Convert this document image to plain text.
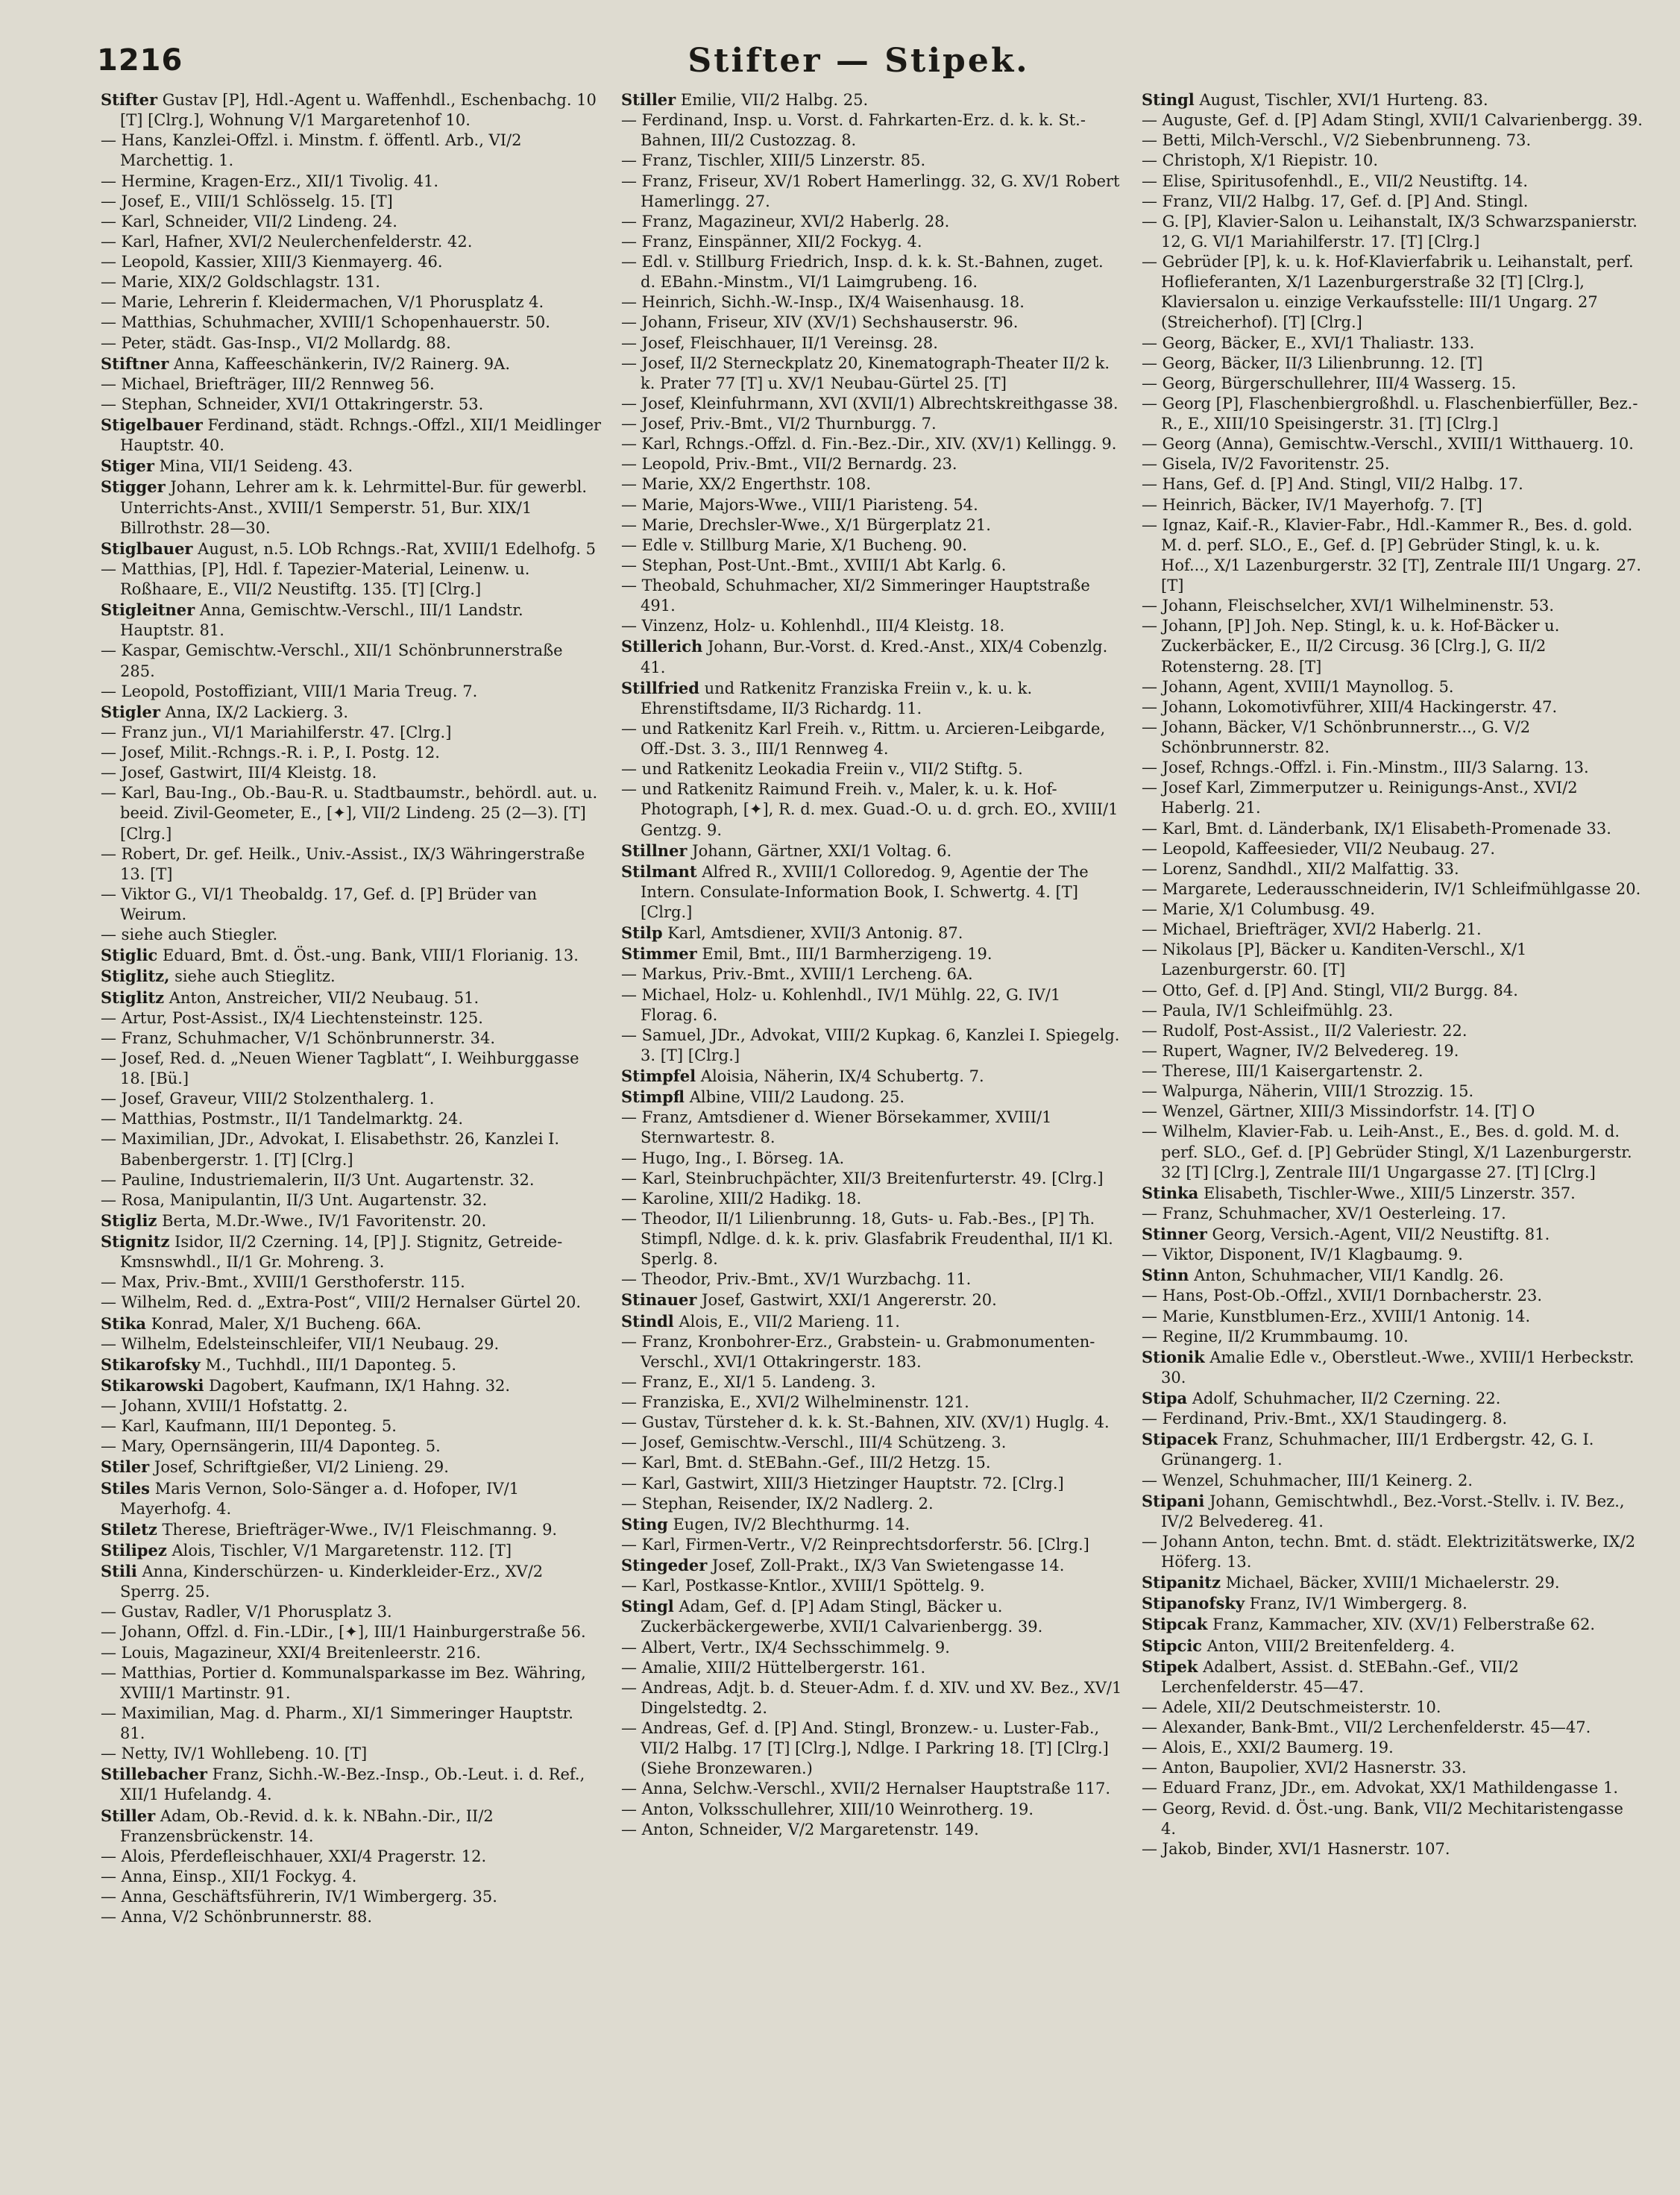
1216	Stifter — Stipek.
Stifter Gustav [P], Hdl.-Agent u. Waffenhdl., Eschenbachg. 10 [T] [Clrg.], Wohnung V/1 Margaretenhof 10.
— Hans, Kanzlei-Offzl. i. Minstm. f. öffentl. Arb., VI/2 Marchettig. 1.
— Hermine, Kragen-Erz., XII/1 Tivolig. 41.
— Josef, E., VIII/1 Schlösselg. 15. [T]
— Karl, Schneider, VII/2 Lindeng. 24.
— Karl, Hafner, XVI/2 Neulerchenfelderstr. 42.
— Leopold, Kassier, XIII/3 Kienmayerg. 46.
— Marie, XIX/2 Goldschlagstr. 131.
— Marie, Lehrerin f. Kleidermachen, V/1 Phorusplatz 4.
— Matthias, Schuhmacher, XVIII/1 Schopenhauerstr. 50.
— Peter, städt. Gas-Insp., VI/2 Mollardg. 88.
Stiftner Anna, Kaffeeschänkerin, IV/2 Rainerg. 9A.
— Michael, Briefträger, III/2 Rennweg 56.
— Stephan, Schneider, XVI/1 Ottakringerstr. 53.
Stigelbauer Ferdinand, städt. Rchngs.-Offzl., XII/1 Meidlinger Hauptstr. 40.
Stiger Mina, VII/1 Seideng. 43.
Stigger Johann, Lehrer am k. k. Lehrmittel-Bur. für gewerbl. Unterrichts-Anst., XVIII/1 Semperstr. 51, Bur. XIX/1 Billrothstr. 28—30.
Stiglbauer August, n.5. LOb Rchngs.-Rat, XVIII/1 Edelhofg. 5
— Matthias, [P], Hdl. f. Tapezier-Material, Leinenw. u. Roßhaare, E., VII/2 Neustiftg. 135. [T] [Clrg.]
Stigleitner Anna, Gemischtw.-Verschl., III/1 Landstr. Hauptstr. 81.
— Kaspar, Gemischtw.-Verschl., XII/1 Schönbrunnerstraße 285.
— Leopold, Postoffiziant, VIII/1 Maria Treug. 7.
Stigler Anna, IX/2 Lackierg. 3.
— Franz jun., VI/1 Mariahilferstr. 47. [Clrg.]
— Josef, Milit.-Rchngs.-R. i. P., I. Postg. 12.
— Josef, Gastwirt, III/4 Kleistg. 18.
— Karl, Bau-Ing., Ob.-Bau-R. u. Stadtbaumstr., behördl. aut. u. beeid. Zivil-Geometer, E., [✦], VII/2 Lindeng. 25 (2—3). [T] [Clrg.]
— Robert, Dr. gef. Heilk., Univ.-Assist., IX/3 Währingerstraße 13. [T]
— Viktor G., VI/1 Theobaldg. 17, Gef. d. [P] Brüder van Weirum.
— siehe auch Stiegler.
Stiglic Eduard, Bmt. d. Öst.-ung. Bank, VIII/1 Florianig. 13.
Stiglitz, siehe auch Stieglitz.
Stiglitz Anton, Anstreicher, VII/2 Neubaug. 51.
— Artur, Post-Assist., IX/4 Liechtensteinstr. 125.
— Franz, Schuhmacher, V/1 Schönbrunnerstr. 34.
— Josef, Red. d. „Neuen Wiener Tagblatt“, I. Weihburggasse 18. [Bü.]
— Josef, Graveur, VIII/2 Stolzenthalerg. 1.
— Matthias, Postmstr., II/1 Tandelmarktg. 24.
— Maximilian, JDr., Advokat, I. Elisabethstr. 26, Kanzlei I. Babenbergerstr. 1. [T] [Clrg.]
— Pauline, Industriemalerin, II/3 Unt. Augartenstr. 32.
— Rosa, Manipulantin, II/3 Unt. Augartenstr. 32.
Stigliz Berta, M.Dr.-Wwe., IV/1 Favoritenstr. 20.
Stignitz Isidor, II/2 Czerning. 14, [P] J. Stignitz, Getreide-Kmsnswhdl., II/1 Gr. Mohreng. 3.
— Max, Priv.-Bmt., XVIII/1 Gersthoferstr. 115.
— Wilhelm, Red. d. „Extra-Post“, VIII/2 Hernalser Gürtel 20.
Stika Konrad, Maler, X/1 Bucheng. 66A.
— Wilhelm, Edelsteinschleifer, VII/1 Neubaug. 29.
Stikarofsky M., Tuchhdl., III/1 Daponteg. 5.
Stikarowski Dagobert, Kaufmann, IX/1 Hahng. 32.
— Johann, XVIII/1 Hofstattg. 2.
— Karl, Kaufmann, III/1 Deponteg. 5.
— Mary, Opernsängerin, III/4 Daponteg. 5.
Stiler Josef, Schriftgießer, VI/2 Linieng. 29.
Stiles Maris Vernon, Solo-Sänger a. d. Hofoper, IV/1 Mayerhofg. 4.
Stiletz Therese, Briefträger-Wwe., IV/1 Fleischmanng. 9.
Stilipez Alois, Tischler, V/1 Margaretenstr. 112. [T]
Stili Anna, Kinderschürzen- u. Kinderkleider-Erz., XV/2 Sperrg. 25.
— Gustav, Radler, V/1 Phorusplatz 3.
— Johann, Offzl. d. Fin.-LDir., [✦], III/1 Hainburgerstraße 56.
— Louis, Magazineur, XXI/4 Breitenleerstr. 216.
— Matthias, Portier d. Kommunalsparkasse im Bez. Währing, XVIII/1 Martinstr. 91.
— Maximilian, Mag. d. Pharm., XI/1 Simmeringer Hauptstr. 81.
— Netty, IV/1 Wohllebeng. 10. [T]
Stillebacher Franz, Sichh.-W.-Bez.-Insp., Ob.-Leut. i. d. Ref., XII/1 Hufelandg. 4.
Stiller Adam, Ob.-Revid. d. k. k. NBahn.-Dir., II/2 Franzensbrückenstr. 14.
— Alois, Pferdefleischhauer, XXI/4 Pragerstr. 12.
— Anna, Einsp., XII/1 Fockyg. 4.
— Anna, Geschäftsführerin, IV/1 Wimbergerg. 35.
— Anna, V/2 Schönbrunnerstr. 88.
Stiller Emilie, VII/2 Halbg. 25.
— Ferdinand, Insp. u. Vorst. d. Fahrkarten-Erz. d. k. k. St.-Bahnen, III/2 Custozzag. 8.
— Franz, Tischler, XIII/5 Linzerstr. 85.
— Franz, Friseur, XV/1 Robert Hamerlingg. 32, G. XV/1 Robert Hamerlingg. 27.
— Franz, Magazineur, XVI/2 Haberlg. 28.
— Franz, Einspänner, XII/2 Fockyg. 4.
— Edl. v. Stillburg Friedrich, Insp. d. k. k. St.-Bahnen, zuget. d. EBahn.-Minstm., VI/1 Laimgrubeng. 16.
— Heinrich, Sichh.-W.-Insp., IX/4 Waisenhausg. 18.
— Johann, Friseur, XIV (XV/1) Sechshauserstr. 96.
— Josef, Fleischhauer, II/1 Vereinsg. 28.
— Josef, II/2 Sterneckplatz 20, Kinematograph-Theater II/2 k. k. Prater 77 [T] u. XV/1 Neubau-Gürtel 25. [T]
— Josef, Kleinfuhrmann, XVI (XVII/1) Albrechtskreithgasse 38.
— Josef, Priv.-Bmt., VI/2 Thurnburgg. 7.
— Karl, Rchngs.-Offzl. d. Fin.-Bez.-Dir., XIV. (XV/1) Kellingg. 9.
— Leopold, Priv.-Bmt., VII/2 Bernardg. 23.
— Marie, XX/2 Engerthstr. 108.
— Marie, Majors-Wwe., VIII/1 Piaristeng. 54.
— Marie, Drechsler-Wwe., X/1 Bürgerplatz 21.
— Edle v. Stillburg Marie, X/1 Bucheng. 90.
— Stephan, Post-Unt.-Bmt., XVIII/1 Abt Karlg. 6.
— Theobald, Schuhmacher, XI/2 Simmeringer Hauptstraße 491.
— Vinzenz, Holz- u. Kohlenhdl., III/4 Kleistg. 18.
Stillerich Johann, Bur.-Vorst. d. Kred.-Anst., XIX/4 Cobenzlg. 41.
Stillfried und Ratkenitz Franziska Freiin v., k. u. k. Ehrenstiftsdame, II/3 Richardg. 11.
— und Ratkenitz Karl Freih. v., Rittm. u. Arcieren-Leibgarde, Off.-Dst. 3. 3., III/1 Rennweg 4.
— und Ratkenitz Leokadia Freiin v., VII/2 Stiftg. 5.
— und Ratkenitz Raimund Freih. v., Maler, k. u. k. Hof-Photograph, [✦], R. d. mex. Guad.-O. u. d. grch. EO., XVIII/1 Gentzg. 9.
Stillner Johann, Gärtner, XXI/1 Voltag. 6.
Stilmant Alfred R., XVIII/1 Colloredog. 9, Agentie der The Intern. Consulate-Information Book, I. Schwertg. 4. [T] [Clrg.]
Stilp Karl, Amtsdiener, XVII/3 Antonig. 87.
Stimmer Emil, Bmt., III/1 Barmherzigeng. 19.
— Markus, Priv.-Bmt., XVIII/1 Lercheng. 6A.
— Michael, Holz- u. Kohlenhdl., IV/1 Mühlg. 22, G. IV/1 Florag. 6.
— Samuel, JDr., Advokat, VIII/2 Kupkag. 6, Kanzlei I. Spiegelg. 3. [T] [Clrg.]
Stimpfel Aloisia, Näherin, IX/4 Schubertg. 7.
Stimpfl Albine, VIII/2 Laudong. 25.
— Franz, Amtsdiener d. Wiener Börsekammer, XVIII/1 Sternwartestr. 8.
— Hugo, Ing., I. Börseg. 1A.
— Karl, Steinbruchpächter, XII/3 Breitenfurterstr. 49. [Clrg.]
— Karoline, XIII/2 Hadikg. 18.
— Theodor, II/1 Lilienbrunng. 18, Guts- u. Fab.-Bes., [P] Th. Stimpfl, Ndlge. d. k. k. priv. Glasfabrik Freudenthal, II/1 Kl. Sperlg. 8.
— Theodor, Priv.-Bmt., XV/1 Wurzbachg. 11.
Stinauer Josef, Gastwirt, XXI/1 Angererstr. 20.
Stindl Alois, E., VII/2 Marieng. 11.
— Franz, Kronbohrer-Erz., Grabstein- u. Grabmonumenten-Verschl., XVI/1 Ottakringerstr. 183.
— Franz, E., XI/1 5. Landeng. 3.
— Franziska, E., XVI/2 Wilhelminenstr. 121.
— Gustav, Türsteher d. k. k. St.-Bahnen, XIV. (XV/1) Huglg. 4.
— Josef, Gemischtw.-Verschl., III/4 Schützeng. 3.
— Karl, Bmt. d. StEBahn.-Gef., III/2 Hetzg. 15.
— Karl, Gastwirt, XIII/3 Hietzinger Hauptstr. 72. [Clrg.]
— Stephan, Reisender, IX/2 Nadlerg. 2.
Sting Eugen, IV/2 Blechthurmg. 14.
— Karl, Firmen-Vertr., V/2 Reinprechtsdorferstr. 56. [Clrg.]
Stingeder Josef, Zoll-Prakt., IX/3 Van Swietengasse 14.
— Karl, Postkasse-Kntlor., XVIII/1 Spöttelg. 9.
Stingl Adam, Gef. d. [P] Adam Stingl, Bäcker u. Zuckerbäckergewerbe, XVII/1 Calvarienbergg. 39.
— Albert, Vertr., IX/4 Sechsschimmelg. 9.
— Amalie, XIII/2 Hüttelbergerstr. 161.
— Andreas, Adjt. b. d. Steuer-Adm. f. d. XIV. und XV. Bez., XV/1 Dingelstedtg. 2.
— Andreas, Gef. d. [P] And. Stingl, Bronzew.- u. Luster-Fab., VII/2 Halbg. 17 [T] [Clrg.], Ndlge. I Parkring 18. [T] [Clrg.] (Siehe Bronzewaren.)
— Anna, Selchw.-Verschl., XVII/2 Hernalser Hauptstraße 117.
— Anton, Volksschullehrer, XIII/10 Weinrotherg. 19.
— Anton, Schneider, V/2 Margaretenstr. 149.
Stingl August, Tischler, XVI/1 Hurteng. 83.
— Auguste, Gef. d. [P] Adam Stingl, XVII/1 Calvarienbergg. 39.
— Betti, Milch-Verschl., V/2 Siebenbrunneng. 73.
— Christoph, X/1 Riepistr. 10.
— Elise, Spiritusofenhdl., E., VII/2 Neustiftg. 14.
— Franz, VII/2 Halbg. 17, Gef. d. [P] And. Stingl.
— G. [P], Klavier-Salon u. Leihanstalt, IX/3 Schwarzspanierstr. 12, G. VI/1 Mariahilferstr. 17. [T] [Clrg.]
— Gebrüder [P], k. u. k. Hof-Klavierfabrik u. Leihanstalt, perf. Hoflieferanten, X/1 Lazenburgerstraße 32 [T] [Clrg.], Klaviersalon u. einzige Verkaufsstelle: III/1 Ungarg. 27 (Streicherhof). [T] [Clrg.]
— Georg, Bäcker, E., XVI/1 Thaliastr. 133.
— Georg, Bäcker, II/3 Lilienbrunng. 12. [T]
— Georg, Bürgerschullehrer, III/4 Wasserg. 15.
— Georg [P], Flaschenbiergroßhdl. u. Flaschenbierfüller, Bez.-R., E., XIII/10 Speisingerstr. 31. [T] [Clrg.]
— Georg (Anna), Gemischtw.-Verschl., XVIII/1 Witthauerg. 10.
— Gisela, IV/2 Favoritenstr. 25.
— Hans, Gef. d. [P] And. Stingl, VII/2 Halbg. 17.
— Heinrich, Bäcker, IV/1 Mayerhofg. 7. [T]
— Ignaz, Kaif.-R., Klavier-Fabr., Hdl.-Kammer R., Bes. d. gold. M. d. perf. SLO., E., Gef. d. [P] Gebrüder Stingl, k. u. k. Hof..., X/1 Lazenburgerstr. 32 [T], Zentrale III/1 Ungarg. 27. [T]
— Johann, Fleischselcher, XVI/1 Wilhelminenstr. 53.
— Johann, [P] Joh. Nep. Stingl, k. u. k. Hof-Bäcker u. Zuckerbäcker, E., II/2 Circusg. 36 [Clrg.], G. II/2 Rotensterng. 28. [T]
— Johann, Agent, XVIII/1 Maynollog. 5.
— Johann, Lokomotivführer, XIII/4 Hackingerstr. 47.
— Johann, Bäcker, V/1 Schönbrunnerstr..., G. V/2 Schönbrunnerstr. 82.
— Josef, Rchngs.-Offzl. i. Fin.-Minstm., III/3 Salarng. 13.
— Josef Karl, Zimmerputzer u. Reinigungs-Anst., XVI/2 Haberlg. 21.
— Karl, Bmt. d. Länderbank, IX/1 Elisabeth-Promenade 33.
— Leopold, Kaffeesieder, VII/2 Neubaug. 27.
— Lorenz, Sandhdl., XII/2 Malfattig. 33.
— Margarete, Lederausschneiderin, IV/1 Schleifmühlgasse 20.
— Marie, X/1 Columbusg. 49.
— Michael, Briefträger, XVI/2 Haberlg. 21.
— Nikolaus [P], Bäcker u. Kanditen-Verschl., X/1 Lazenburgerstr. 60. [T]
— Otto, Gef. d. [P] And. Stingl, VII/2 Burgg. 84.
— Paula, IV/1 Schleifmühlg. 23.
— Rudolf, Post-Assist., II/2 Valeriestr. 22.
— Rupert, Wagner, IV/2 Belvedereg. 19.
— Therese, III/1 Kaisergartenstr. 2.
— Walpurga, Näherin, VIII/1 Strozzig. 15.
— Wenzel, Gärtner, XIII/3 Missindorfstr. 14. [T] O
— Wilhelm, Klavier-Fab. u. Leih-Anst., E., Bes. d. gold. M. d. perf. SLO., Gef. d. [P] Gebrüder Stingl, X/1 Lazenburgerstr. 32 [T] [Clrg.], Zentrale III/1 Ungargasse 27. [T] [Clrg.]
Stinka Elisabeth, Tischler-Wwe., XIII/5 Linzerstr. 357.
— Franz, Schuhmacher, XV/1 Oesterleing. 17.
Stinner Georg, Versich.-Agent, VII/2 Neustiftg. 81.
— Viktor, Disponent, IV/1 Klagbaumg. 9.
Stinn Anton, Schuhmacher, VII/1 Kandlg. 26.
— Hans, Post-Ob.-Offzl., XVII/1 Dornbacherstr. 23.
— Marie, Kunstblumen-Erz., XVIII/1 Antonig. 14.
— Regine, II/2 Krummbaumg. 10.
Stionik Amalie Edle v., Oberstleut.-Wwe., XVIII/1 Herbeckstr. 30.
Stipa Adolf, Schuhmacher, II/2 Czerning. 22.
— Ferdinand, Priv.-Bmt., XX/1 Staudingerg. 8.
Stipacek Franz, Schuhmacher, III/1 Erdbergstr. 42, G. I. Grünangerg. 1.
— Wenzel, Schuhmacher, III/1 Keinerg. 2.
Stipani Johann, Gemischtwhdl., Bez.-Vorst.-Stellv. i. IV. Bez., IV/2 Belvedereg. 41.
— Johann Anton, techn. Bmt. d. städt. Elektrizitätswerke, IX/2 Höferg. 13.
Stipanitz Michael, Bäcker, XVIII/1 Michaelerstr. 29.
Stipanofsky Franz, IV/1 Wimbergerg. 8.
Stipcak Franz, Kammacher, XIV. (XV/1) Felberstraße 62.
Stipcic Anton, VIII/2 Breitenfelderg. 4.
Stipek Adalbert, Assist. d. StEBahn.-Gef., VII/2 Lerchenfelderstr. 45—47.
— Adele, XII/2 Deutschmeisterstr. 10.
— Alexander, Bank-Bmt., VII/2 Lerchenfelderstr. 45—47.
— Alois, E., XXI/2 Baumerg. 19.
— Anton, Baupolier, XVI/2 Hasnerstr. 33.
— Eduard Franz, JDr., em. Advokat, XX/1 Mathildengasse 1.
— Georg, Revid. d. Öst.-ung. Bank, VII/2 Mechitaristengasse 4.
— Jakob, Binder, XVI/1 Hasnerstr. 107.
